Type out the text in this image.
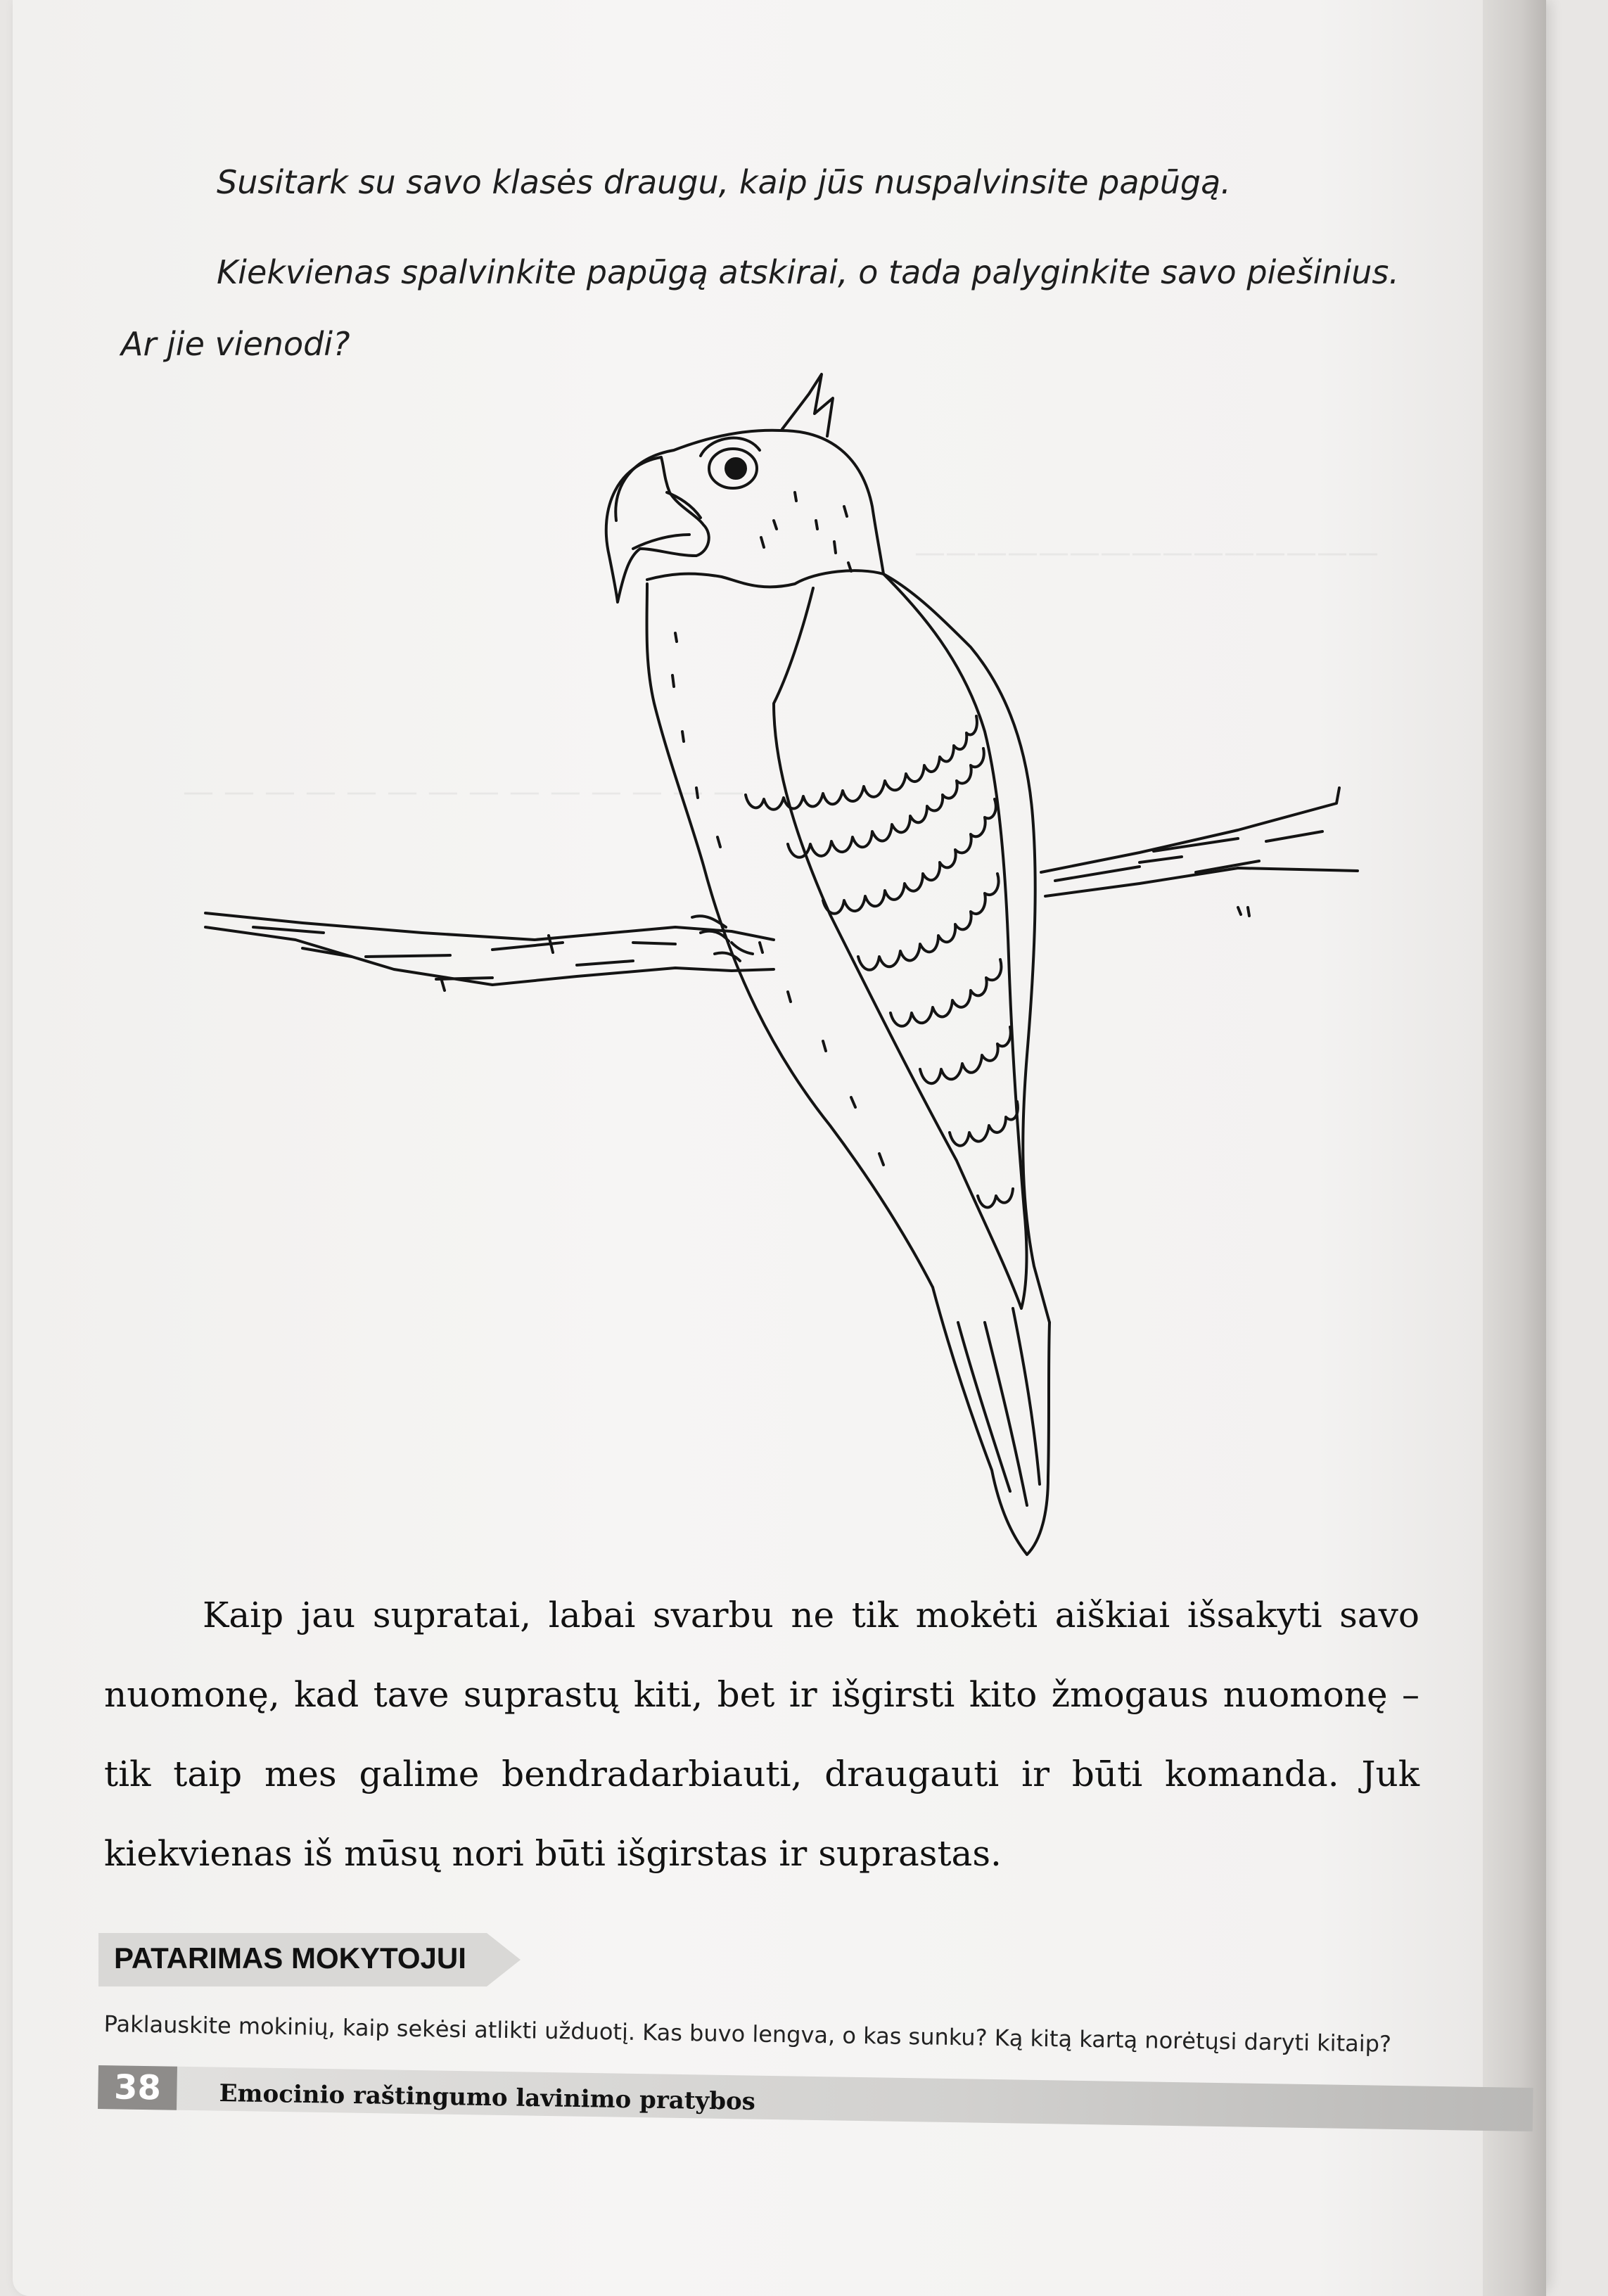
———————————————
— — — — — — — — — — — — — —
Susitark su savo klasės draugu, kaip jūs nuspalvinsite papūgą.
Kiekvienas spalvinkite papūgą atskirai, o tada palyginkite savo piešinius.
Ar jie vienodi?
Kaip jau supratai, labai svarbu ne tik mokėti aiškiai išsakyti savo nuomonę, kad tave suprastų kiti, bet ir išgirsti kito žmogaus nuomonę – tik taip mes galime bendradarbiauti, draugauti ir būti komanda. Juk kiekvienas iš mūsų nori būti išgirstas ir suprastas.
PATARIMAS MOKYTOJUI
Paklauskite mokinių, kaip sekėsi atlikti užduotį. Kas buvo lengva, o kas sunku? Ką kitą kartą norėtųsi daryti kitaip?
38	Emocinio raštingumo lavinimo pratybos
